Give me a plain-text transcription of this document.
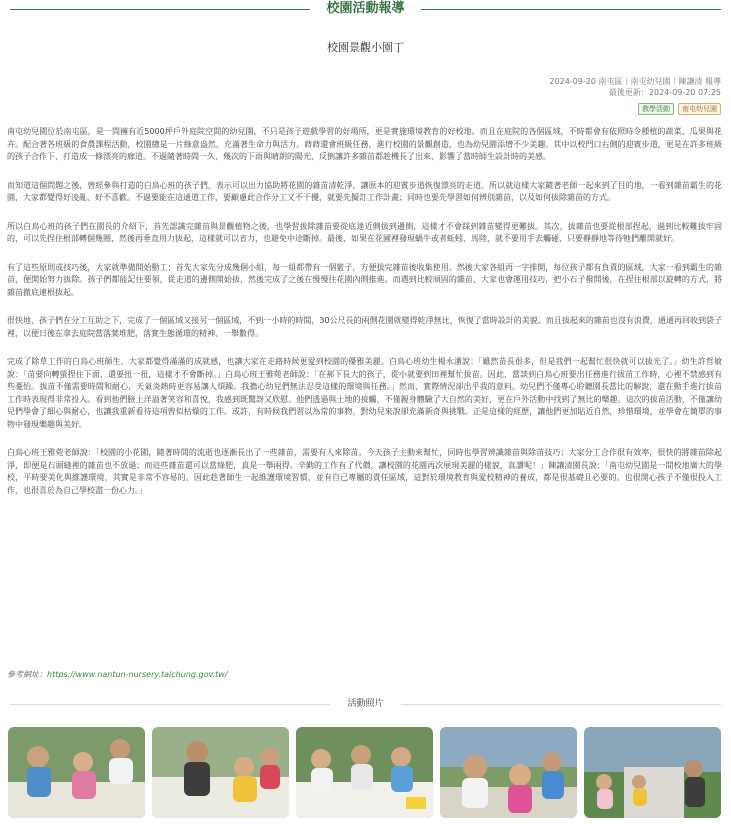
校園活動報導
校園景觀小園丁
2024-09-20 南屯區｜南屯幼兒園｜陳讓清 報導
最後更新：2024-09-20 07:25
教學活動	南屯幼兒園

南屯幼兒園位於南屯區，是一間擁有近5000坪戶外庭院空間的幼兒園，不只是孩子遊戲學習的好場所，更是實施環境教育的好校地。而且在庭院的各個區域，不時都會有依照時令種植的蔬菜、瓜果與花卉。配合著各班級的食農課程活動，校園總是一片綠意盎然，充滿著生命力與活力。蒔蒔還會班級任務，進行校園的景觀創造，也為幼兒園添增不少美趣。其中以校門口右側的迎賓步道，更是在許多班級的孩子合作下，打造成一條漂亮的廊道。不過隨著時間一久，幾次的下雨與晴朗的陽光，反倒讓許多雜苗都趁機長了出來，影響了當時師生設計時的美感。

而知道這個問題之後，曾經參與打造的白鳥心班的孩子們，表示可以出力協助將花園的雜苗清乾淨，讓原本的迎賓步道恢復漂亮的走道。所以就這樣大家隨著老師一起來到了目的地，一看到雜苗霸生的花園，大家都覺得好凌亂、好不喜歡。不過要能在這通道工作，要顧慮此合作分工又不干擾，就要先擬訂工作計畫；同時也要先學習如何辨別雜苗，以及如何拔除雜苗的方式。

所以白鳥心班的孩子們在園長的介紹下，首先認識完雜苗與景觀植物之後，也學習拔除雜苗要從底達近側拔到邊側，這樣才不會踩到雜苗變得更難拔。其次，拔雜苗也要從根部捏起，過到比較難拔牢固的，可以先捏住根部轉個幾圈，然後再垂直用力拔起，這樣就可以省力，也避免中途斷掉。最後，如果在花圃裡發現蝸牛或者蚯蚓、馬陸，就不要用手去觸碰，只要靜靜地等待牠們離開就好。

有了這些原則或技巧後，大家就準備開始動工；首先大家先分成幾個小組，每一組都帶有一個籃子，方便拔完雜苗後收集使用。然後大家各組再一字排開，每位孩子都有負責的區域，大家一看到霸生的雜苗，便開始努力拔除。孩子們都能記住要領，從走道的邊側開始拔，然後完成了之後在慢慢往花園內側推進。而遇到比較頑固的雜苗，大家也會運用技巧，把小石子撥開後，在捏住根部以旋轉的方式，將雜苗徹底連根拔起。

很快地，孩子們在分工互助之下，完成了一個區域又接另一個區域，不到一小時的時間，30公尺長的兩側花園就變得乾淨無比，恢復了當時設計的美貌。而且拔起來的雜苗也沒有浪費，通通再回收到袋子裡，以便日後在拿去庭院當落葉堆肥，落實生態循環的精神、一舉數得。

完成了除草工作的白鳥心班師生，大家都覺得滿滿的成就感，也讓大家在走路時候更愛到校園的優雅美麗。白鳥心班幼生楊永潘說：「雖然苗長很多，但是我們一起幫忙很快就可以拔光了。」幼生許哲敏說：「苗要向轉螢捏住下面，還要扭一扭，這樣才不會斷掉。」白鳥心班王雅菀老師說：「在郝下長大的孩子，從小就要到田裡幫忙拔苗。因此，當談到白鳥心班要出任務進行拔苗工作時，心裡不禁感到有些憂怡。拔苗不僅需要時間和耐心，天氣炎熱時更容易讓人煩躁。我擔心幼兒們無法忍受這樣的環境與任務。」然而，實際情況卻出乎我的意料。幼兒們不僅專心聆聽園長當比的解說，還在動手進行拔苗工作時表現得非常投入。看到他們臉上洋溢著笑容和喜悅，我感到既驚訝又欣慰。他們透過與土地的接觸，不僅親身體驗了大自然的美好，更在戶外活動中找到了無比的樂趣。這次的拔苗活動，不僅讓幼兒們學會了細心與耐心，也讓我重新看待這項曾似枯燥的工作。或許，有時候我們習以為常的事物，對幼兒來說卻充滿新奇與挑戰。正是這樣的經歷，讓他們更加貼近自然，珍惜環境，並學會在簡單的事物中發現樂趣與美好。

白鳥心班王雅菀老師說：「校園的小花園，隨著時間的流逝也逐漸長出了一些雜苗，需要有人來除苗。今天孩子主動來幫忙，同時也學習辨識雜苗與除苗技巧；大家分工合作很有效率，很快的將雜苗除起淨，即便是石頭縫裡的雜苗也不放過；而這些雜苗還可以當綠肥，真是一舉兩得。辛勤的工作有了代價，讓校園的花園再次展現美麗的樣貌，真讚呢！」陳讓清園長說：「南屯幼兒園是一間校地廣大的學校，平時要美化與維護環境，其實是非常不容易的。因此趁著師生一起維護環境習慣，並有自己專屬的責任區域，這對於環境教育與愛校精神的養成，都是很基礎且必要的。也很開心孩子不僅很投入工作，也很喜於為自己學校盡一份心力。」

參考網址：https://www.nantun-nursery.taichung.gov.tw/
活動照片
